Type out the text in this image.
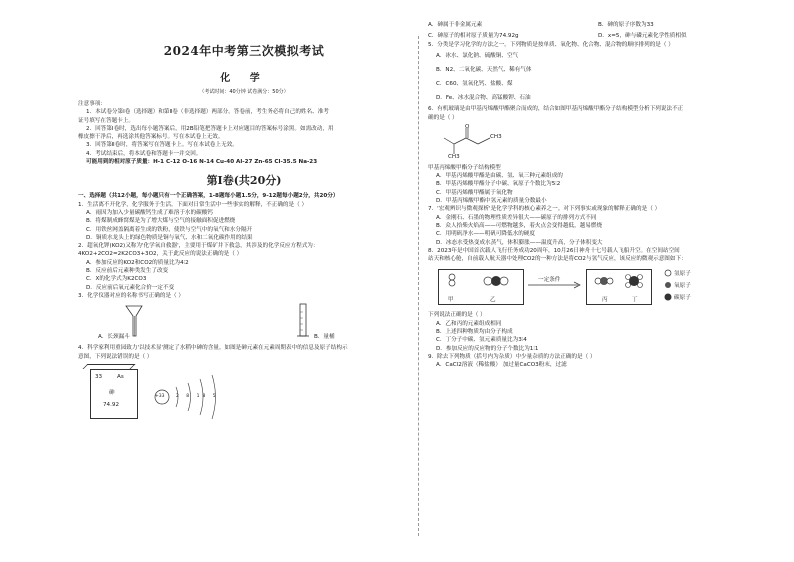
2024年中考第三次模拟考试
化 学
（考试时间：40分钟 试卷满分：50分）
注意事项：
1．本试卷分第Ⅰ卷（选择题）和第Ⅱ卷（非选择题）两部分。答卷前，考生务必将自己的姓名、准考
证号填写在答题卡上。
2．回答第Ⅰ卷时，选出每小题答案后，用2B铅笔把答题卡上对应题目的答案标号涂黑。如需改动，用
橡皮擦干净后，再选涂其他答案标号。写在本试卷上无效。
3．回答第Ⅱ卷时，将答案写在答题卡上。写在本试卷上无效。
4．考试结束后，将本试卷和答题卡一并交回。
可能用到的相对原子质量：H-1 C-12 O-16 N-14 Cu-40 Al-27 Zn-65 Cl-35.5 Na-23
第Ⅰ卷(共20分)
一、选择题（共12小题，每小题只有一个正确答案，1-8题每小题1.5分，9-12题每小题2分，共20分）
1．生活离不开化学，化学服务于生活。下面对日常生活中一些事实的解释，不正确的是（ ）
A．雨因为加入少量碳酸钙生成了难溶于水的碳酸钙
B．将煤制成蜂窝煤是为了增大煤与空气的接触面积促进燃烧
C．用铁丝网盖隔离着生成的铁粉，使铁与空气中的氧气和水分隔开
D．铜质水龙头上的绿色物质是铜与氧气、水和二氧化碳作用的结果
2．超氧化钾(KO2)又称为'化学氧自救器'，主要用于煤矿井下救急，其涉及的化学反应方程式为：
4KO2+2CO2=2K2CO3+3O2，关于此反应的说法正确的是（ ）
A．参加反应的KO2和CO2的质量比为4∶2
B．反应前后元素种类发生了改变
C．X的化学式为K2CO3
D．反应前后氧元素化合价一定不变
3．化学仪器对应的名称书写正确的是（ ）
A．长颈漏斗	B．量桶
4．科学家利用重园致力'以技术显'测定了水稻中砷的含量。如图是砷元素在元素周期表中的信息及原子结构示
意图，下列说法错误的是（ ）
33	As
砷
74.92
+33	2 8 18 5
A．砷属于非金属元素	B．砷的原子序数为33
C．砷原子的相对原子质量为74.92g	D．x=5，砷与磷元素化学性质相似
5．分类是学习化学的方法之一。下列物质是按单质、氧化物、化合物、混合物的顺序排列的是（ ）
A．冰水、氯化钠、硫酸铜、空气
B．N2、二氧化碳、天然气、稀有气体
C．C60、氢氧化钙、盐酸、煤
D．Fe、冰水混合物、高锰酸钾、石油
6．有机玻璃是由甲基丙烯酸甲酯聚合而成的，结合如图甲基丙烯酸甲酯分子结构模型分析下列说法不正
确的是（ ）
O
CH3
CH3
甲基丙烯酸甲酯分子结构模型
A．甲基丙烯酸甲酯是由碳、氢、氧三种元素组成的
B．甲基丙烯酸甲酯分子中碳、氧原子个数比为5∶2
C．甲基丙烯酸甲酯属于氧化物
D．甲基丙烯酸甲酯中氢元素的质量分数最小
7．'宏观辨识与微观探析'是化学学科的核心素养之一。对下列事实或现象的解释正确的是（ ）
A．金刚石、石墨的物理性质差异很大——碳原子的排列方式不同
B．众人拾柴火焰高——可燃物越多，着火点会变得越低，越易燃烧
C．用明矾净水——明矾可降低水的硬度
D．冰态水受热变成水蒸气，体积膨胀——温度升高，分子体积变大
8．2023年是中国首次载人飞行任务成功20周年，10月26日神舟十七号载人飞船升空。在空间站空间
站天和核心舱，自前载人航天器中处理CO2的一种方法是将CO2与氢气反应，该反应的微观示意图如下：
甲	乙
一定条件
丙	丁
氢原子
氧原子
碳原子
下列说法正确的是（ ）
A．乙和丙的元素组成相同
B．上述四种物质均由分子构成
C．丁分子中碳、氢元素质量比为3∶4
D．参加反应的反应物的分子个数比为1∶1
9．除去下列物质（括号内为杂质）中少量杂质的方法正确的是（ ）
A．CaCl2溶液（稀盐酸） 加过量CaCO3粉末，过滤
